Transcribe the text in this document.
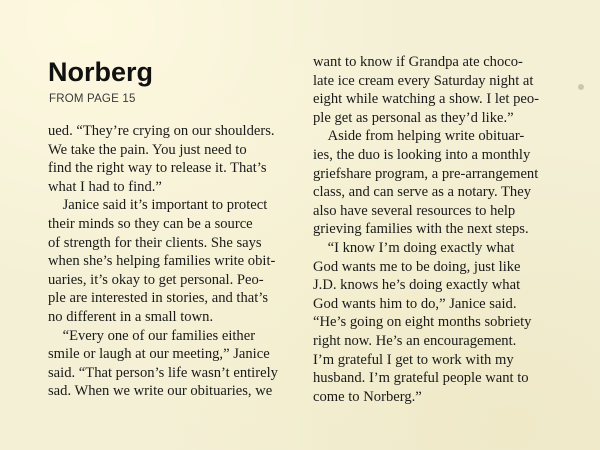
Norberg
FROM PAGE 15
ued. “They’re crying on our shoulders.
We take the pain. You just need to
find the right way to release it. That’s
what I had to find.”
 Janice said it’s important to protect
their minds so they can be a source
of strength for their clients. She says
when she’s helping families write obit-
uaries, it’s okay to get personal. Peo-
ple are interested in stories, and that’s
no different in a small town.
 “Every one of our families either
smile or laugh at our meeting,” Janice
said. “That person’s life wasn’t entirely
sad. When we write our obituaries, we
want to know if Grandpa ate choco-
late ice cream every Saturday night at
eight while watching a show. I let peo-
ple get as personal as they’d like.”
 Aside from helping write obituar-
ies, the duo is looking into a monthly
griefshare program, a pre-arrangement
class, and can serve as a notary. They
also have several resources to help
grieving families with the next steps.
 “I know I’m doing exactly what
God wants me to be doing, just like
J.D. knows he’s doing exactly what
God wants him to do,” Janice said.
“He’s going on eight months sobriety
right now. He’s an encouragement.
I’m grateful I get to work with my
husband. I’m grateful people want to
come to Norberg.”
